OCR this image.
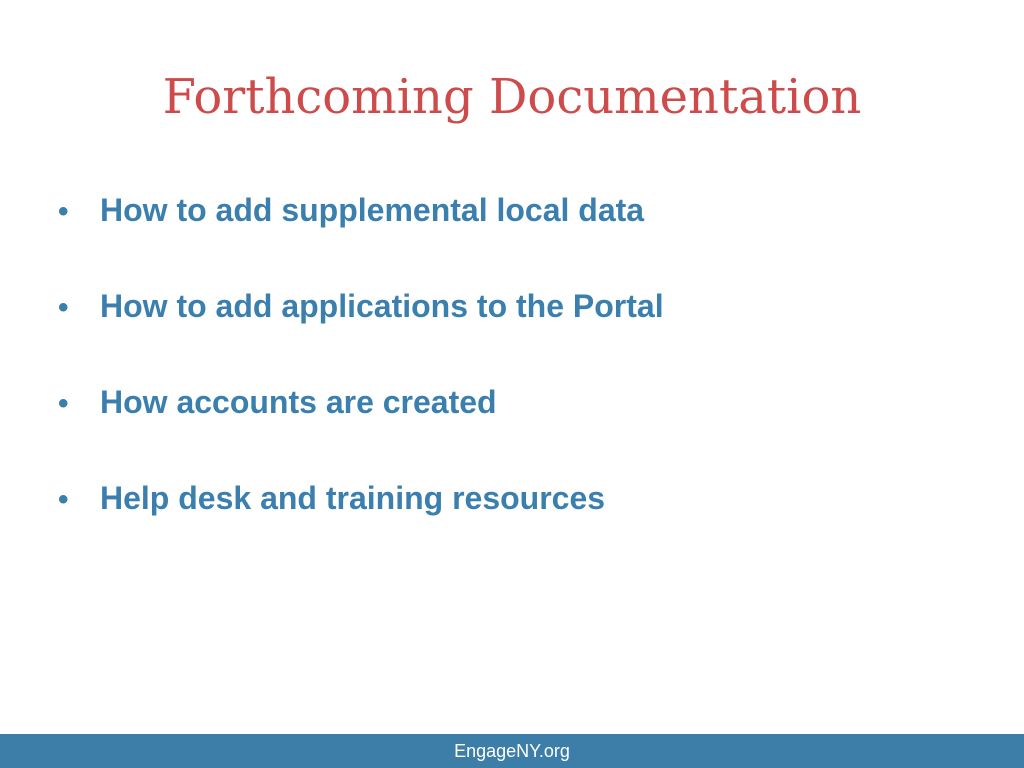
Forthcoming Documentation
• How to add supplemental local data
• How to add applications to the Portal
• How accounts are created
• Help desk and training resources
EngageNY.org
